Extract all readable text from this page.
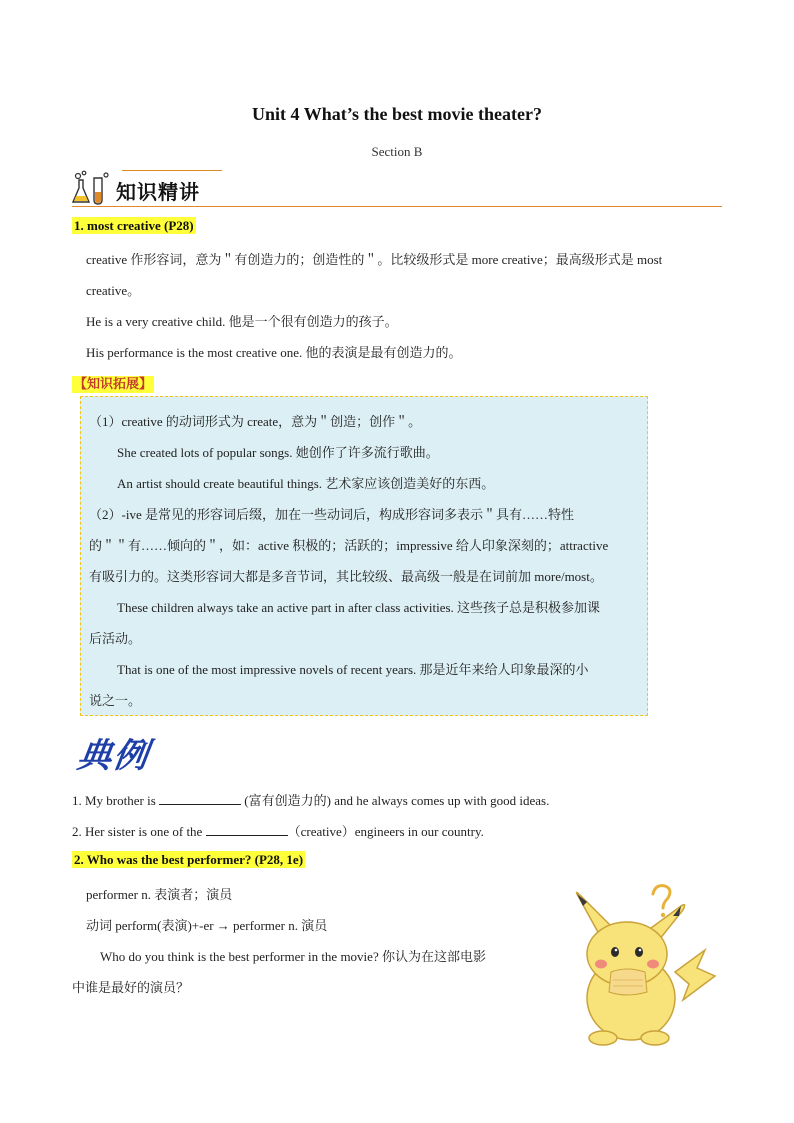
Unit 4 What’s the best movie theater?
Section B
知识精讲
1. most creative (P28)
creative 作形容词，意为＂有创造力的；创造性的＂。比较级形式是 more creative；最高级形式是 most
creative。
He is a very creative child. 他是一个很有创造力的孩子。
His performance is the most creative one. 他的表演是最有创造力的。
【知识拓展】
（1）creative 的动词形式为 create，意为＂创造；创作＂。
She created lots of popular songs. 她创作了许多流行歌曲。
An artist should create beautiful things. 艺术家应该创造美好的东西。
（2）-ive 是常见的形容词后缀，加在一些动词后，构成形容词多表示＂具有……特性
的＂＂有……倾向的＂，如：active 积极的；活跃的；impressive 给人印象深刻的；attractive
有吸引力的。这类形容词大都是多音节词，其比较级、最高级一般是在词前加 more/most。
These children always take an active part in after class activities. 这些孩子总是积极参加课
后活动。
That is one of the most impressive novels of recent years. 那是近年来给人印象最深的小
说之一。
典例
1. My brother is	(富有创造力的) and he always comes up with good ideas.
2. Her sister is one of the	（creative）engineers in our country.
2. Who was the best performer? (P28, 1e)
performer n. 表演者；演员
动词 perform(表演)+-er → performer n. 演员
Who do you think is the best performer in the movie? 你认为在这部电影
中谁是最好的演员？
